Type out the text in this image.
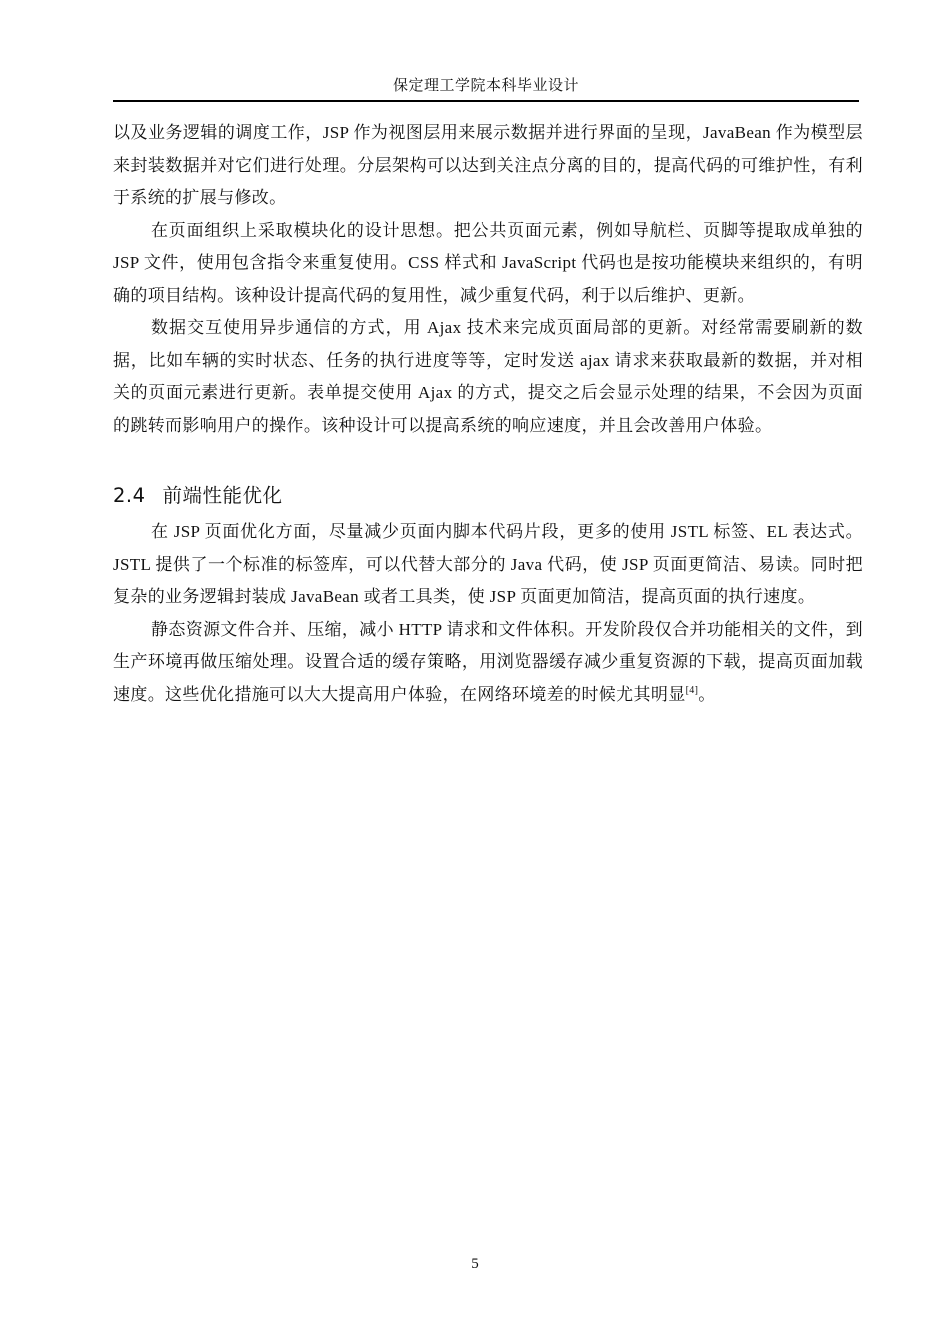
保定理工学院本科毕业设计

以及业务逻辑的调度工作，JSP 作为视图层用来展示数据并进行界面的呈现，JavaBean 作为模型层来封装数据并对它们进行处理。分层架构可以达到关注点分离的目的，提高代码的可维护性，有利于系统的扩展与修改。

在页面组织上采取模块化的设计思想。把公共页面元素，例如导航栏、页脚等提取成单独的 JSP 文件，使用包含指令来重复使用。CSS 样式和 JavaScript 代码也是按功能模块来组织的，有明确的项目结构。该种设计提高代码的复用性，减少重复代码，利于以后维护、更新。

数据交互使用异步通信的方式，用 Ajax 技术来完成页面局部的更新。对经常需要刷新的数据，比如车辆的实时状态、任务的执行进度等等，定时发送 ajax 请求来获取最新的数据，并对相关的页面元素进行更新。表单提交使用 Ajax 的方式，提交之后会显示处理的结果，不会因为页面的跳转而影响用户的操作。该种设计可以提高系统的响应速度，并且会改善用户体验。

2.4 前端性能优化

在 JSP 页面优化方面，尽量减少页面内脚本代码片段，更多的使用 JSTL 标签、EL 表达式。JSTL 提供了一个标准的标签库，可以代替大部分的 Java 代码，使 JSP 页面更简洁、易读。同时把复杂的业务逻辑封装成 JavaBean 或者工具类，使 JSP 页面更加简洁，提高页面的执行速度。

静态资源文件合并、压缩，减小 HTTP 请求和文件体积。开发阶段仅合并功能相关的文件，到生产环境再做压缩处理。设置合适的缓存策略，用浏览器缓存减少重复资源的下载，提高页面加载速度。这些优化措施可以大大提高用户体验，在网络环境差的时候尤其明显[4]。

5
